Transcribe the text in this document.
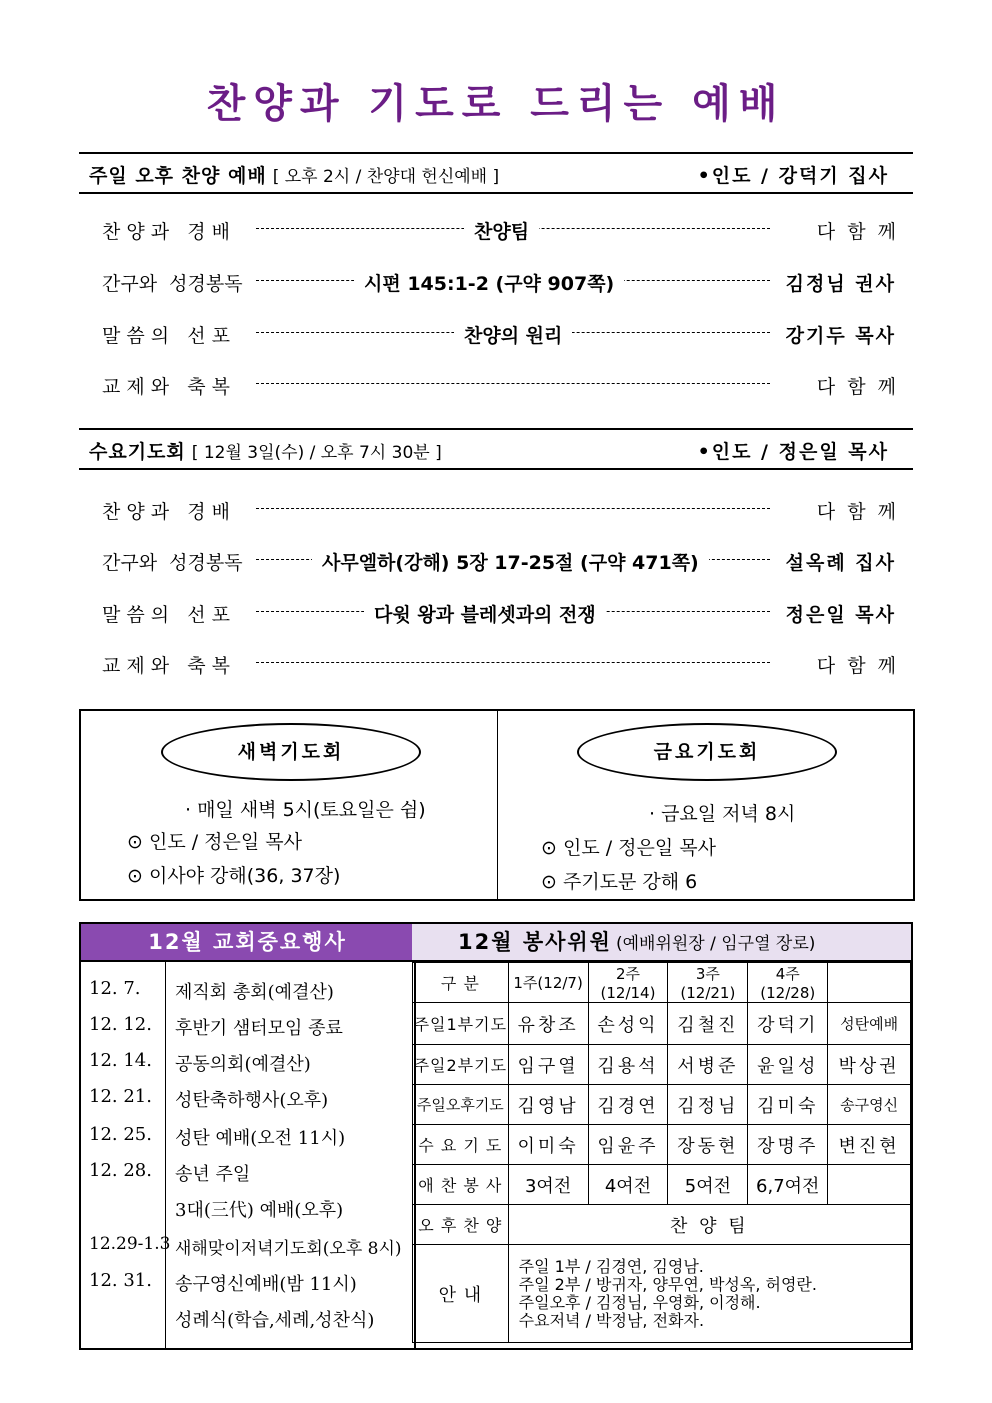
찬양과 기도로 드리는 예배
주일 오후 찬양 예배 [ 오후 2시 / 찬양대 헌신예배 ]	•인도 / 강덕기 집사
찬 양 과   경 배	찬양팀	다  함  께
간구와  성경봉독	시편 145:1-2 (구약 907쪽)	김정님 권사
말 씀 의   선 포	찬양의 원리	강기두 목사
교 제 와   축 복	다  함  께
수요기도회 [ 12월 3일(수) / 오후 7시 30분 ]	•인도 / 정은일 목사
찬 양 과   경 배	다  함  께
간구와  성경봉독	사무엘하(강해) 5장 17-25절 (구약 471쪽)	설옥례 집사
말 씀 의   선 포	다윗 왕과 블레셋과의 전쟁	정은일 목사
교 제 와   축 복	다  함  께
새벽기도회
· 매일 새벽 5시(토요일은 쉼)
⊙ 인도 / 정은일 목사
⊙ 이사야 강해(36, 37장)
금요기도회
· 금요일 저녁 8시
⊙ 인도 / 정은일 목사
⊙ 주기도문 강해 6
12월 교회중요행사
12. 7. 제직회 총회(예결산)
12. 12. 후반기 샘터모임 종료
12. 14. 공동의회(예결산)
12. 21. 성탄축하행사(오후)
12. 25. 성탄 예배(오전 11시)
12. 28. 송년 주일
3대(三代) 예배(오후)
12.29-1.3 새해맞이저녁기도회(오후 8시)
12. 31. 송구영신예배(밤 11시)
성례식(학습,세례,성찬식)
12월 봉사위원 (예배위원장 / 임구열 장로)
구 분	1주(12/7)	2주(12/14)	3주(12/21)	4주(12/28)	
주일1부기도	유창조	손성익	김철진	강덕기	성탄예배
주일2부기도	임구열	김용석	서병준	윤일성	박상권
주일오후기도	김영남	김경연	김정님	김미숙	송구영신
수 요 기 도	이미숙	임윤주	장동현	장명주	변진현
애 찬 봉 사	3여전	4여전	5여전	6,7여전	
오 후 찬 양	찬 양 팀				
안 내	주일 1부 / 김경연, 김영남.
주일 2부 / 방귀자, 양무연, 박성옥, 허영란.
주일오후 / 김정님, 우영화, 이정해.
수요저녁 / 박정남, 전화자.				
